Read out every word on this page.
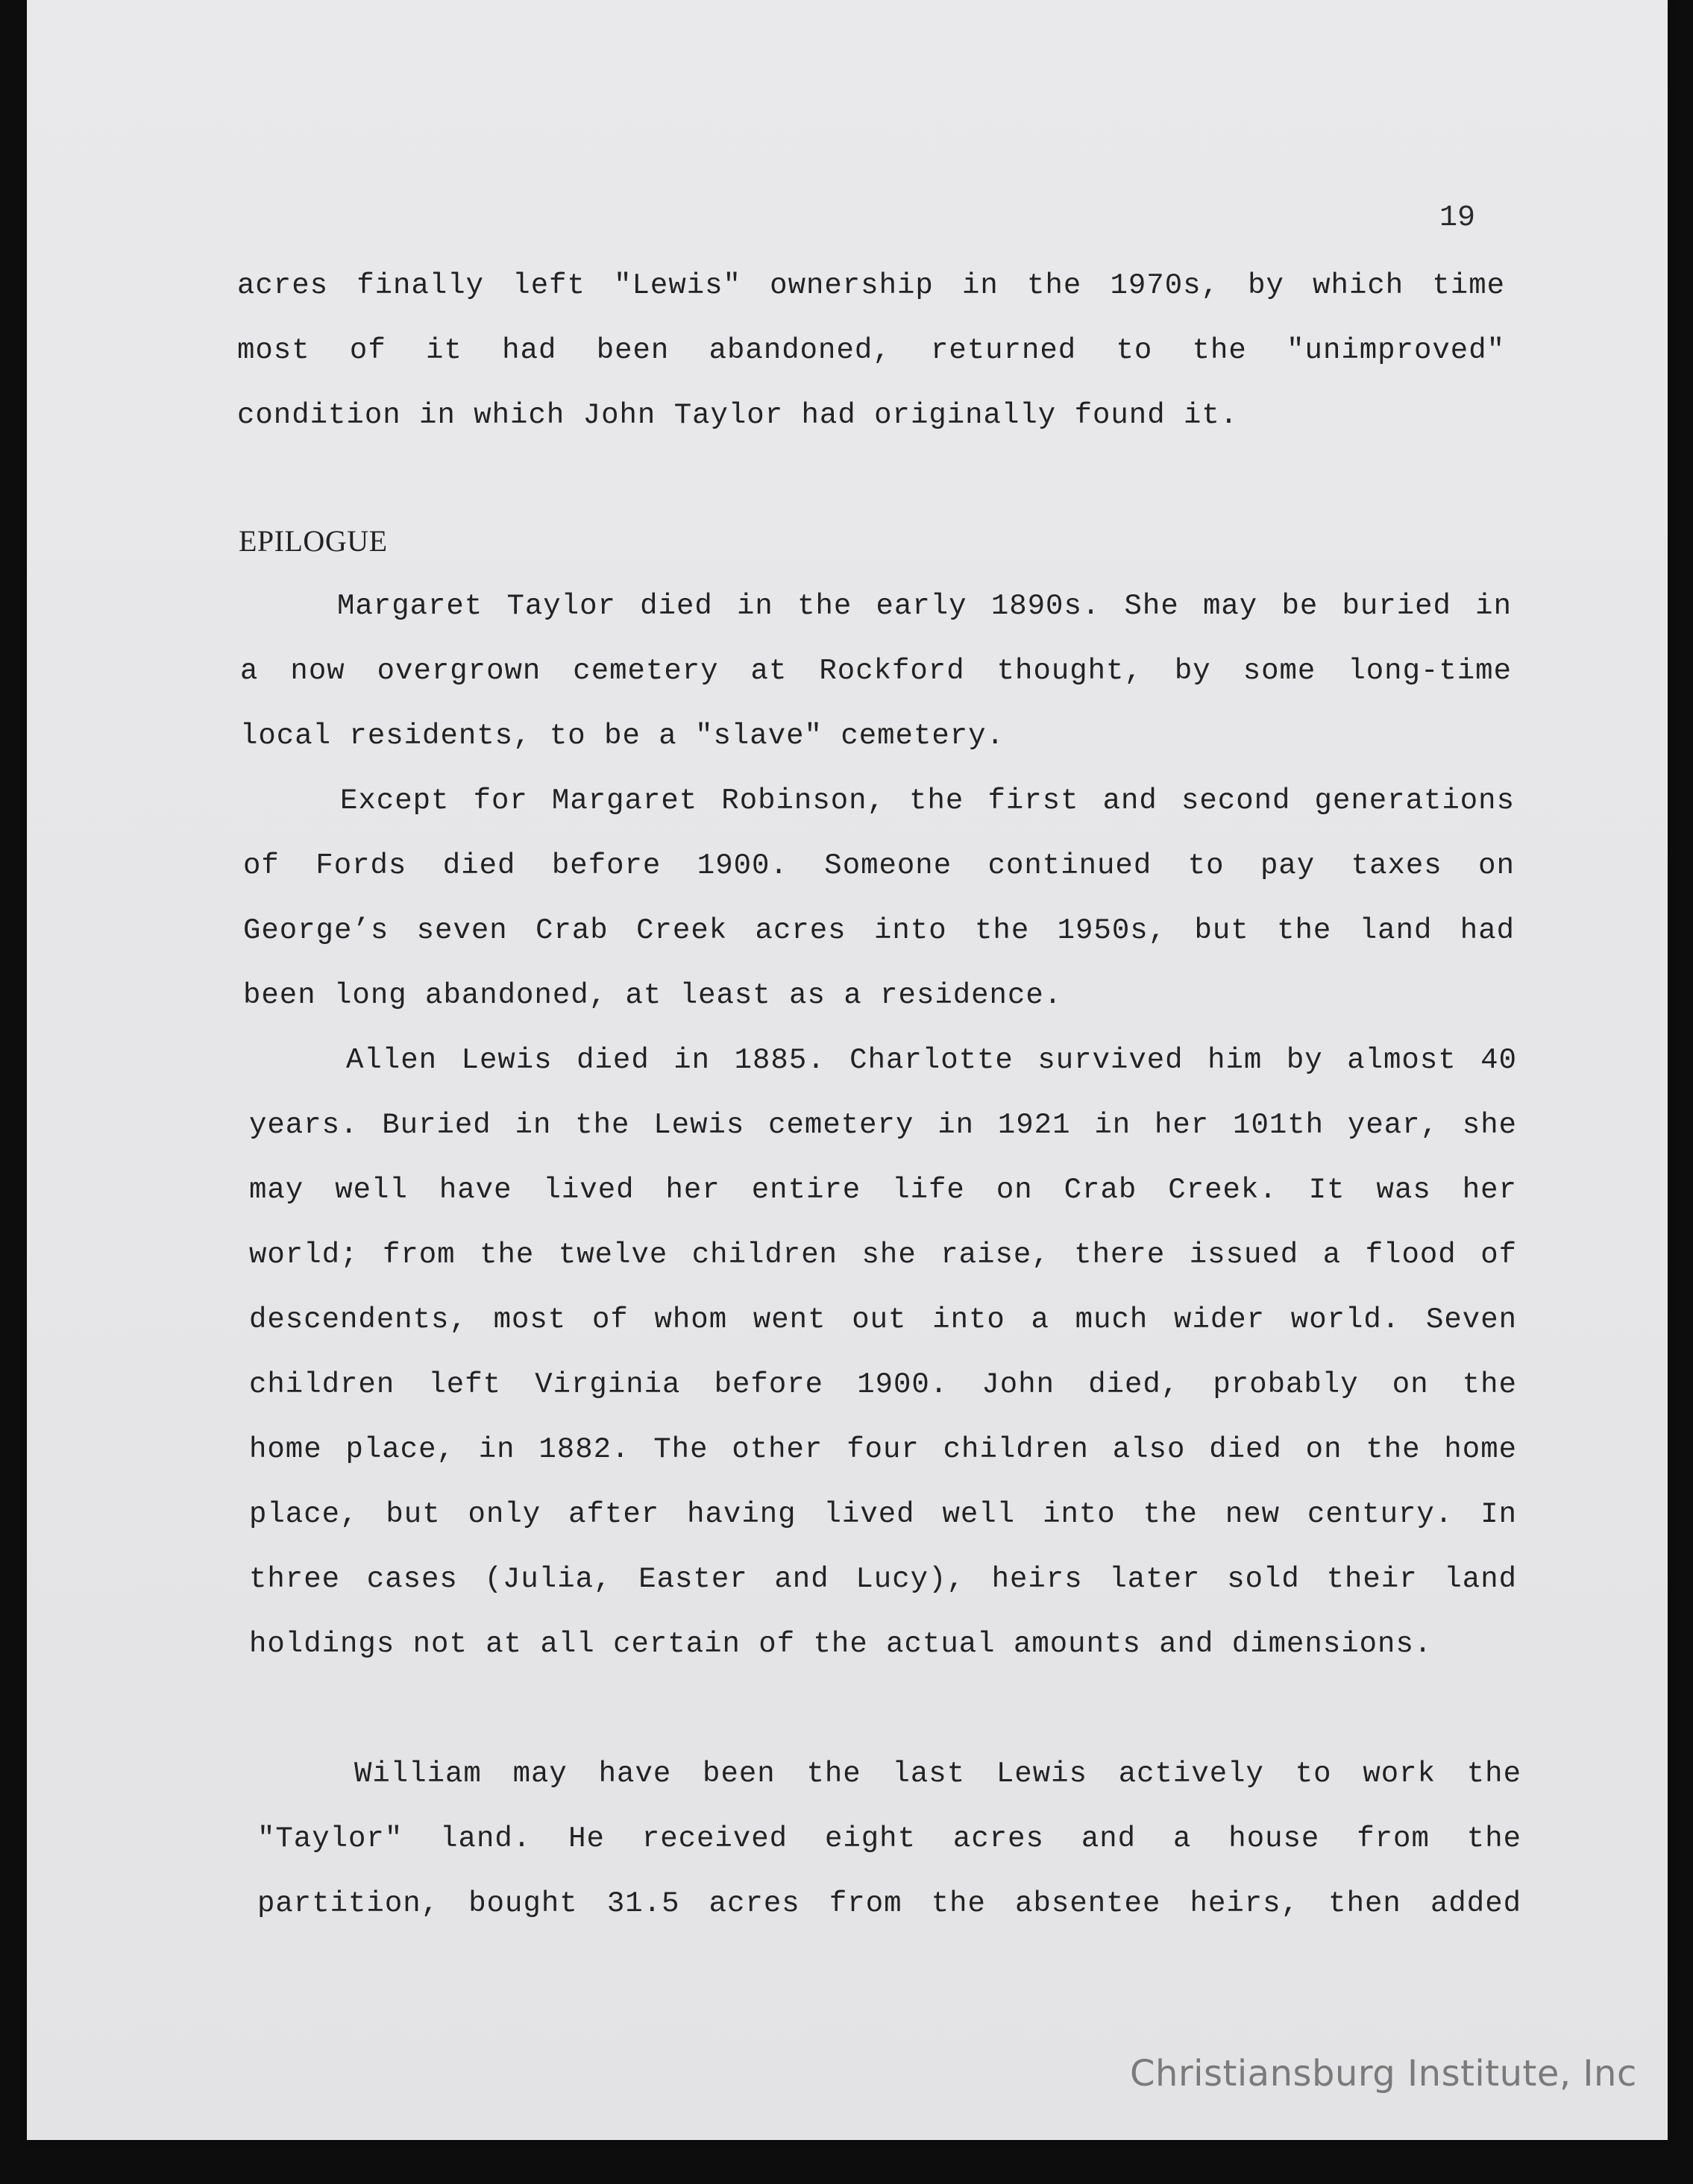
19
acres finally left "Lewis" ownership in the 1970s, by which time
most of it had been abandoned, returned to the "unimproved"
condition in which John Taylor had originally found it.
EPILOGUE
Margaret Taylor died in the early 1890s. She may be buried in
a now overgrown cemetery at Rockford thought, by some long-time
local residents, to be a "slave" cemetery.
Except for Margaret Robinson, the first and second generations
of Fords died before 1900. Someone continued to pay taxes on
George’s seven Crab Creek acres into the 1950s, but the land had
been long abandoned, at least as a residence.
Allen Lewis died in 1885. Charlotte survived him by almost 40
years. Buried in the Lewis cemetery in 1921 in her 101th year, she
may well have lived her entire life on Crab Creek. It was her
world; from the twelve children she raise, there issued a flood of
descendents, most of whom went out into a much wider world. Seven
children left Virginia before 1900. John died, probably on the
home place, in 1882. The other four children also died on the home
place, but only after having lived well into the new century. In
three cases (Julia, Easter and Lucy), heirs later sold their land
holdings not at all certain of the actual amounts and dimensions.
William may have been the last Lewis actively to work the
"Taylor" land. He received eight acres and a house from the
partition, bought 31.5 acres from the absentee heirs, then added
Christiansburg Institute, Inc
